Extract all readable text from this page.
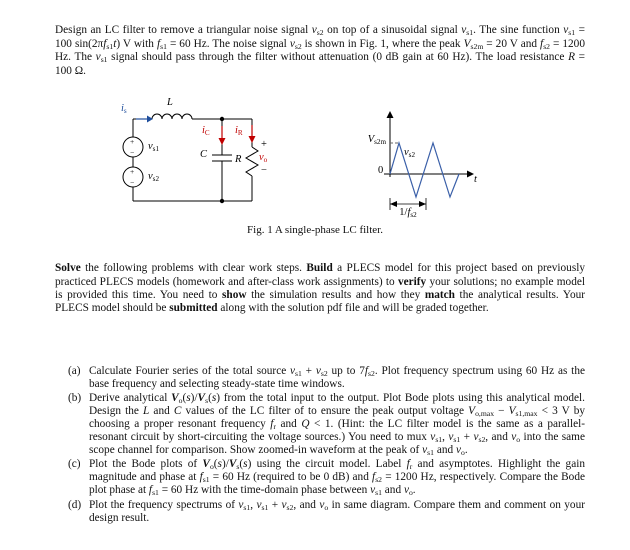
Design an LC filter to remove a triangular noise signal $v_{s2}$ on top of a sinusoidal signal $v_{s1}$. The sine function $v_{s1} = 100$ $\sin(2\pi f_{s1}t)$ V with $f_{s1} = 60$ Hz. The noise signal $v_{s2}$ is shown in Fig. 1, where the peak $V_{s2m} = 20$ V and $f_{s2} = 1200$ Hz. The $v_{s1}$ signal should pass through the filter without attenuation (0 dB gain at 60 Hz). The load resistance R = 100 Ω.

$i_s$
L
$i_C$ $i_R$
C	R
+
$v_o$
−
$v_{s1}$
$v_{s2}$
+
−
+
−
$V_{s2m}$
$v_{s2}$
0
t
$1/f_{s2}$
Fig. 1 A single-phase LC filter.

Solve the following problems with clear work steps. Build a PLECS model for this project based on previously practiced PLECS models (homework and after-class work assignments) to verify your solutions; no example model is provided this time. You need to show the simulation results and how they match the analytical results. Your PLECS model should be submitted along with the solution pdf file and will be graded together.

(a) Calculate Fourier series of the total source $v_{s1} + v_{s2}$ up to $7f_{s2}$. Plot frequency spectrum using 60 Hz as the base frequency and selecting steady-state time windows.
(b) Derive analytical $V_o(s)/V_s(s)$ from the total input to the output. Plot Bode plots using this analytical model. Design the L and C values of the LC filter of to ensure the peak output voltage $V_{o,max} - V_{s1,max} < 3$ V by choosing a proper resonant frequency $f_r$ and Q < 1. (Hint: the LC filter model is the same as a parallel-resonant circuit by short-circuiting the voltage sources.) You need to mux $v_{s1}$, $v_{s1} + v_{s2}$, and $v_o$ into the same scope channel for comparison. Show zoomed-in waveform at the peak of $v_{s1}$ and $v_o$.
(c) Plot the Bode plots of $V_o(s)/V_s(s)$ using the circuit model. Label $f_r$ and asymptotes. Highlight the gain magnitude and phase at $f_{s1} = 60$ Hz (required to be 0 dB) and $f_{s2} = 1200$ Hz, respectively. Compare the Bode plot phase at $f_{s1} = 60$ Hz with the time-domain phase between $v_{s1}$ and $v_o$.
(d) Plot the frequency spectrums of $v_{s1}$, $v_{s1} + v_{s2}$, and $v_o$ in same diagram. Compare them and comment on your design result.
